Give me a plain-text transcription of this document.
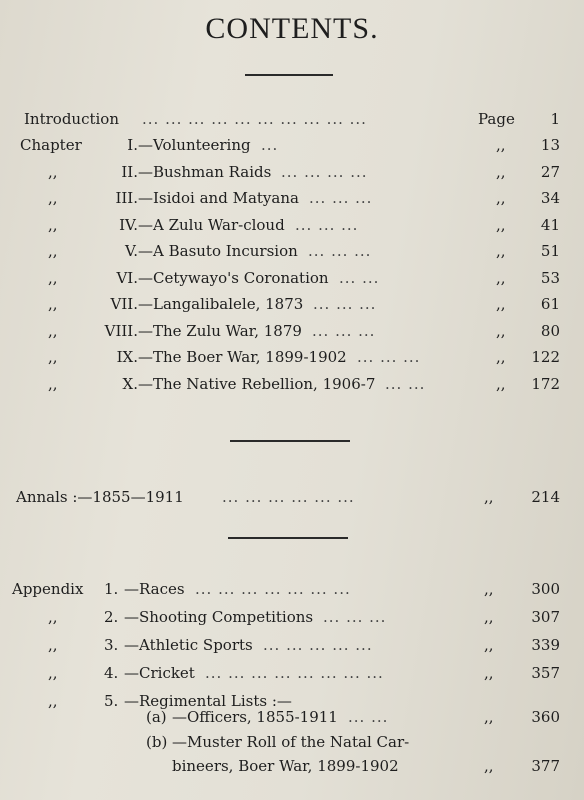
CONTENTS.
Introduction ... ... ... ... ... ... ... ... ... ...	Page	1
Chapter	I. —Volunteering ...	,,	13
,,	II. —Bushman Raids ... ... ... ...	,,	27
,,	III. —Isidoi and Matyana ... ... ...	,,	34
,,	IV. —A Zulu War-cloud ... ... ...	,,	41
,,	V. —A Basuto Incursion ... ... ...	,,	51
,,	VI. —Cetywayo's Coronation ... ...	,,	53
,,	VII. —Langalibalele, 1873 ... ... ...	,,	61
,,	VIII. —The Zulu War, 1879 ... ... ...	,,	80
,,	IX. —The Boer War, 1899-1902 ... ... ...	,,	122
,,	X. —The Native Rebellion, 1906-7 ... ...	,,	172
Annals :—1855—1911	... ... ... ... ... ...	,,	214
Appendix 1. —Races ... ... ... ... ... ... ...	,,	300
,,	2. —Shooting Competitions ... ... ...	,,	307
,,	3. —Athletic Sports ... ... ... ... ...	,,	339
,,	4. —Cricket ... ... ... ... ... ... ... ...	,,	357
,,	5. —Regimental Lists :—
(a) —Officers, 1855-1911 ... ...	,,	360
(b) —Muster Roll of the Natal Car-
bineers, Boer War, 1899-1902	,,	377
